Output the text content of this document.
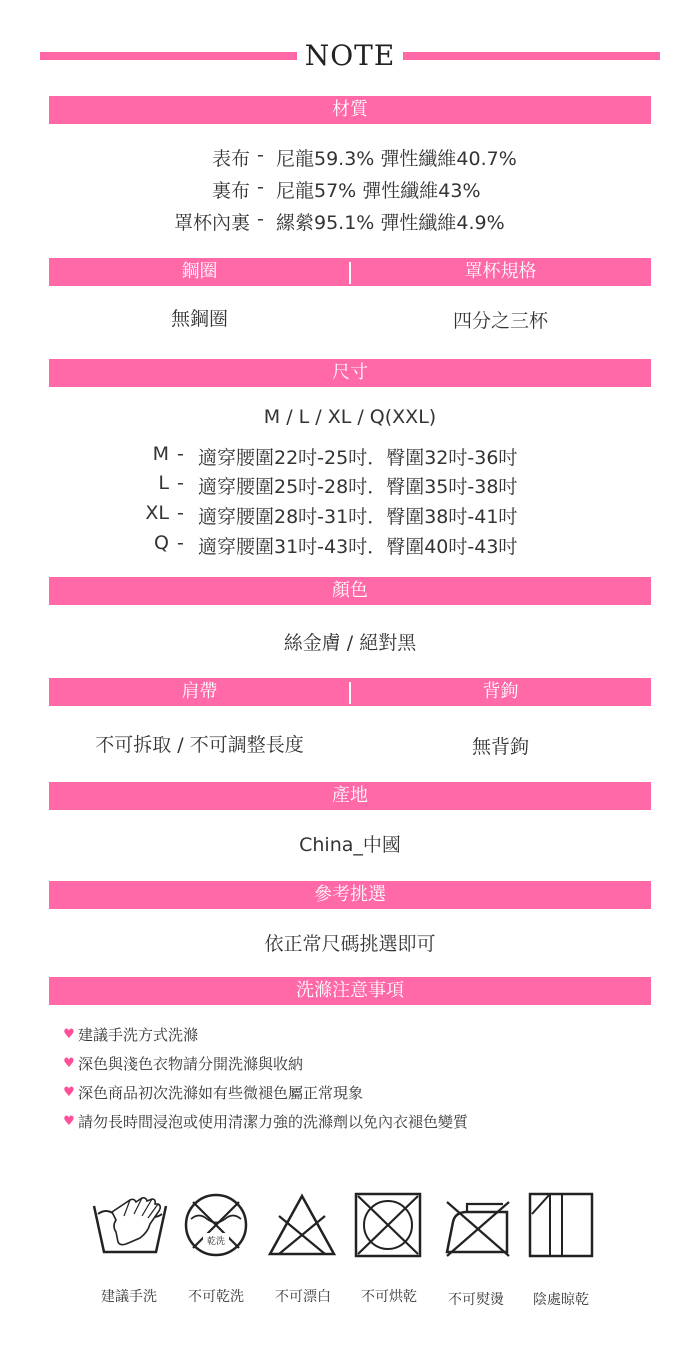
NOTE
材質
表布 - 尼龍59.3% 彈性纖維40.7%
裏布 - 尼龍57% 彈性纖維43%
罩杯內裏 - 縲縈95.1% 彈性纖維4.9%
鋼圈	罩杯規格
無鋼圈	四分之三杯
尺寸
M / L / XL / Q(XXL)
M - 適穿腰圍22吋-25吋．臀圍32吋-36吋
L - 適穿腰圍25吋-28吋．臀圍35吋-38吋
XL - 適穿腰圍28吋-31吋．臀圍38吋-41吋
Q - 適穿腰圍31吋-43吋．臀圍40吋-43吋
顏色
絲金膚 / 絕對黑
肩帶	背鉤
不可拆取 / 不可調整長度	無背鉤
產地
China_中國
參考挑選
依正常尺碼挑選即可
洗滌注意事項
♥ 建議手洗方式洗滌
♥ 深色與淺色衣物請分開洗滌與收納
♥ 深色商品初次洗滌如有些微褪色屬正常現象
♥ 請勿長時間浸泡或使用清潔力強的洗滌劑以免內衣褪色變質
乾洗
建議手洗 不可乾洗 不可漂白 不可烘乾 不可熨燙 陰處晾乾
